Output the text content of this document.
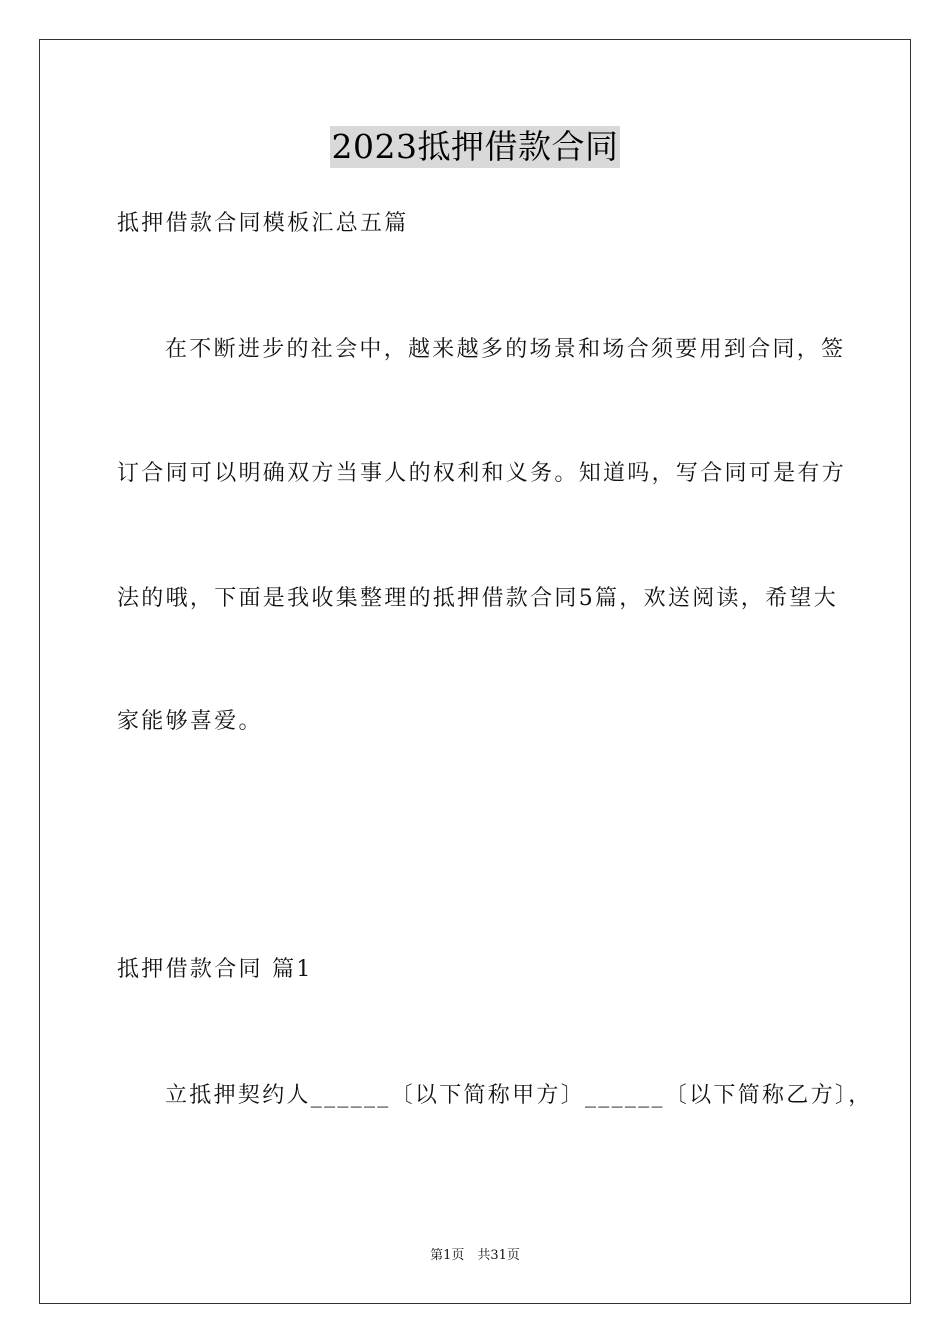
2023抵押借款合同
抵押借款合同模板汇总五篇
在不断进步的社会中，越来越多的场景和场合须要用到合同，签
订合同可以明确双方当事人的权利和义务。知道吗，写合同可是有方
法的哦，下面是我收集整理的抵押借款合同5篇，欢送阅读，希望大
家能够喜爱。
抵押借款合同 篇1
立抵押契约人______〔以下简称甲方〕______〔以下简称乙方〕，
第1页　共31页
